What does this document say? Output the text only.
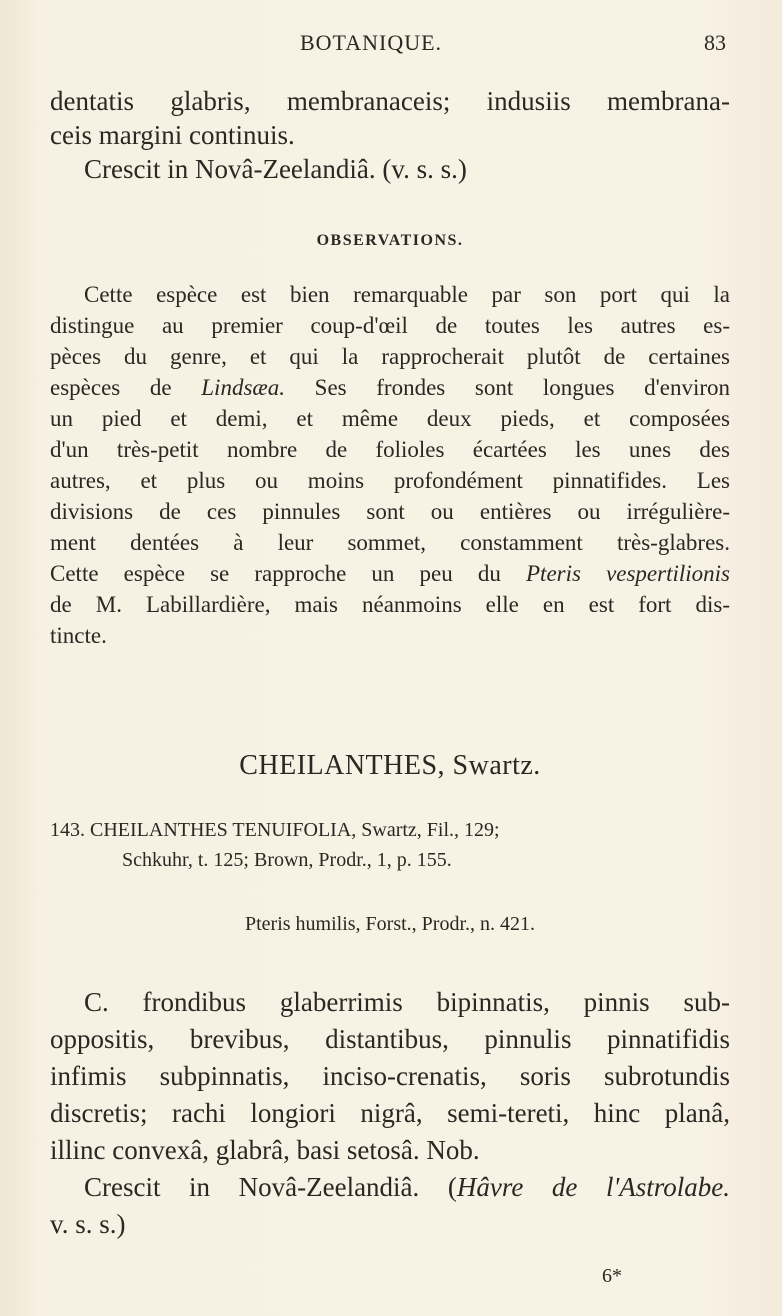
BOTANIQUE.	83
dentatis glabris, membranaceis; indusiis membrana-
ceis margini continuis.
Crescit in Novâ-Zeelandiâ. (v. s. s.)
OBSERVATIONS.
Cette espèce est bien remarquable par son port qui la
distingue au premier coup-d'œil de toutes les autres es-
pèces du genre, et qui la rapprocherait plutôt de certaines
espèces de Lindsæa. Ses frondes sont longues d'environ
un pied et demi, et même deux pieds, et composées
d'un très-petit nombre de folioles écartées les unes des
autres, et plus ou moins profondément pinnatifides. Les
divisions de ces pinnules sont ou entières ou irrégulière-
ment dentées à leur sommet, constamment très-glabres.
Cette espèce se rapproche un peu du Pteris vespertilionis
de M. Labillardière, mais néanmoins elle en est fort dis-
tincte.
CHEILANTHES, Swartz.
143. CHEILANTHES TENUIFOLIA, Swartz, Fil., 129;
Schkuhr, t. 125; Brown, Prodr., 1, p. 155.
Pteris humilis, Forst., Prodr., n. 421.
C. frondibus glaberrimis bipinnatis, pinnis sub-
oppositis, brevibus, distantibus, pinnulis pinnatifidis
infimis subpinnatis, inciso-crenatis, soris subrotundis
discretis; rachi longiori nigrâ, semi-tereti, hinc planâ,
illinc convexâ, glabrâ, basi setosâ. Nob.
Crescit in Novâ-Zeelandiâ. (Hâvre de l'Astrolabe.
v. s. s.)
6*
